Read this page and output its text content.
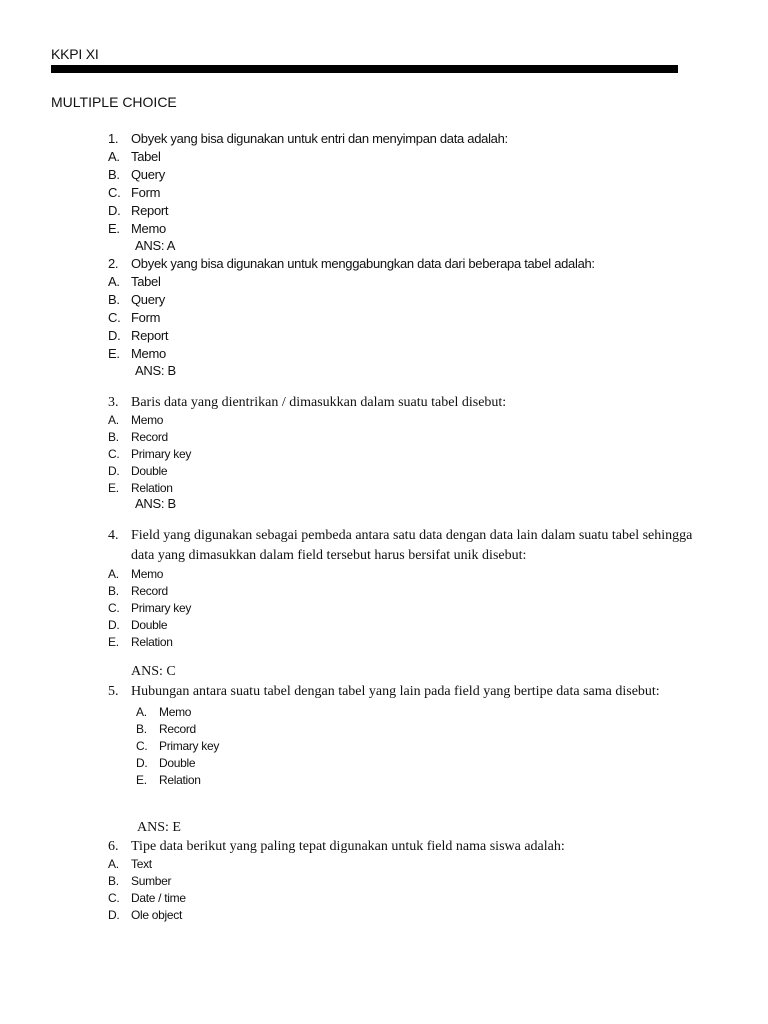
KKPI XI
MULTIPLE CHOICE
1. Obyek yang bisa digunakan untuk entri dan menyimpan data adalah:
A. Tabel
B. Query
C. Form
D. Report
E. Memo
ANS: A
2. Obyek yang bisa digunakan untuk menggabungkan data dari beberapa tabel adalah:
A. Tabel
B. Query
C. Form
D. Report
E. Memo
ANS: B
3. Baris data yang dientrikan / dimasukkan dalam suatu tabel disebut:
A. Memo
B. Record
C. Primary key
D. Double
E. Relation
ANS: B
4. Field yang digunakan sebagai pembeda antara satu data dengan data lain dalam suatu tabel sehingga data yang dimasukkan dalam field tersebut harus bersifat unik disebut:
A. Memo
B. Record
C. Primary key
D. Double
E. Relation
ANS: C
5. Hubungan antara suatu tabel dengan tabel yang lain pada field yang bertipe data sama disebut:
A. Memo
B. Record
C. Primary key
D. Double
E. Relation
ANS: E
6. Tipe data berikut yang paling tepat digunakan untuk field nama siswa adalah:
A. Text
B. Sumber
C. Date / time
D. Ole object
